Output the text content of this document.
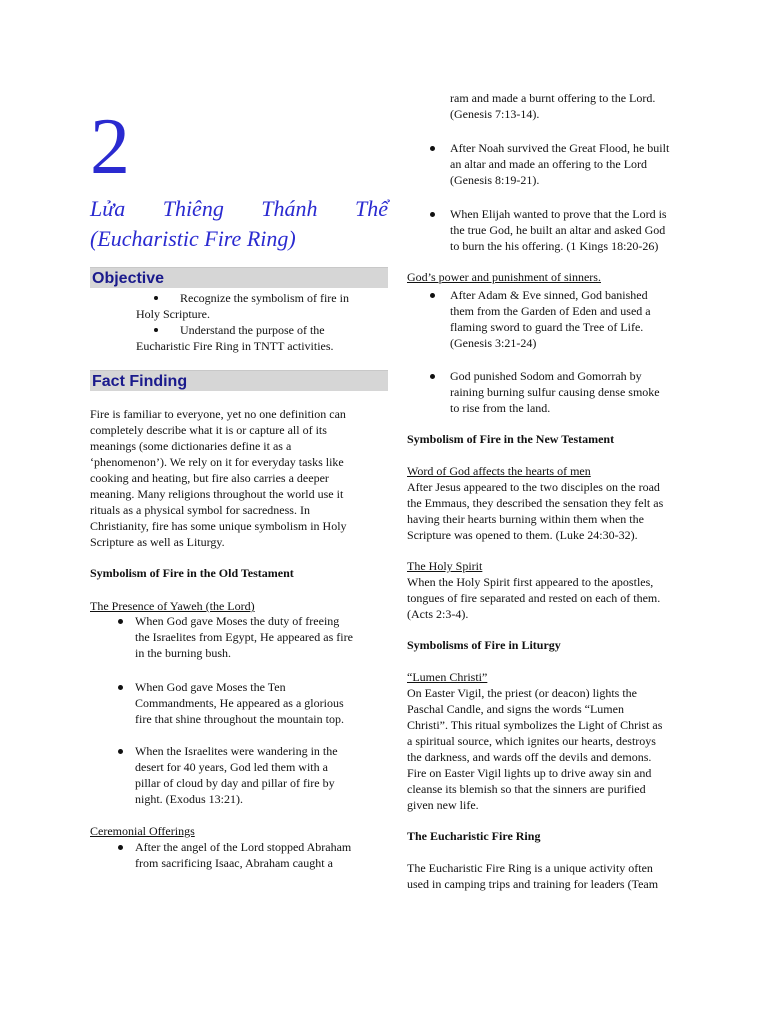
2
Lửa Thiêng Thánh Thể
(Eucharistic Fire Ring)
Objective
Recognize the symbolism of fire in
Holy Scripture.
Understand the purpose of the
Eucharistic Fire Ring in TNTT activities.
Fact Finding
Fire is familiar to everyone, yet no one definition can
completely describe what it is or capture all of its
meanings (some dictionaries define it as a
‘phenomenon’). We rely on it for everyday tasks like
cooking and heating, but fire also carries a deeper
meaning. Many religions throughout the world use it
rituals as a physical symbol for sacredness. In
Christianity, fire has some unique symbolism in Holy
Scripture as well as Liturgy.
Symbolism of Fire in the Old Testament
The Presence of Yaweh (the Lord)
When God gave Moses the duty of freeing
the Israelites from Egypt, He appeared as fire
in the burning bush.
When God gave Moses the Ten
Commandments, He appeared as a glorious
fire that shine throughout the mountain top.
When the Israelites were wandering in the
desert for 40 years, God led them with a
pillar of cloud by day and pillar of fire by
night. (Exodus 13:21).
Ceremonial Offerings
After the angel of the Lord stopped Abraham
from sacrificing Isaac, Abraham caught a
ram and made a burnt offering to the Lord.
(Genesis 7:13-14).
After Noah survived the Great Flood, he built
an altar and made an offering to the Lord
(Genesis 8:19-21).
When Elijah wanted to prove that the Lord is
the true God, he built an altar and asked God
to burn the his offering. (1 Kings 18:20-26)
God’s power and punishment of sinners.
After Adam & Eve sinned, God banished
them from the Garden of Eden and used a
flaming sword to guard the Tree of Life.
(Genesis 3:21-24)
God punished Sodom and Gomorrah by
raining burning sulfur causing dense smoke
to rise from the land.
Symbolism of Fire in the New Testament
Word of God affects the hearts of men
After Jesus appeared to the two disciples on the road
the Emmaus, they described the sensation they felt as
having their hearts burning within them when the
Scripture was opened to them. (Luke 24:30-32).
The Holy Spirit
When the Holy Spirit first appeared to the apostles,
tongues of fire separated and rested on each of them.
(Acts 2:3-4).
Symbolisms of Fire in Liturgy
“Lumen Christi”
On Easter Vigil, the priest (or deacon) lights the
Paschal Candle, and signs the words “Lumen
Christi”. This ritual symbolizes the Light of Christ as
a spiritual source, which ignites our hearts, destroys
the darkness, and wards off the devils and demons.
Fire on Easter Vigil lights up to drive away sin and
cleanse its blemish so that the sinners are purified
given new life.
The Eucharistic Fire Ring
The Eucharistic Fire Ring is a unique activity often
used in camping trips and training for leaders (Team
